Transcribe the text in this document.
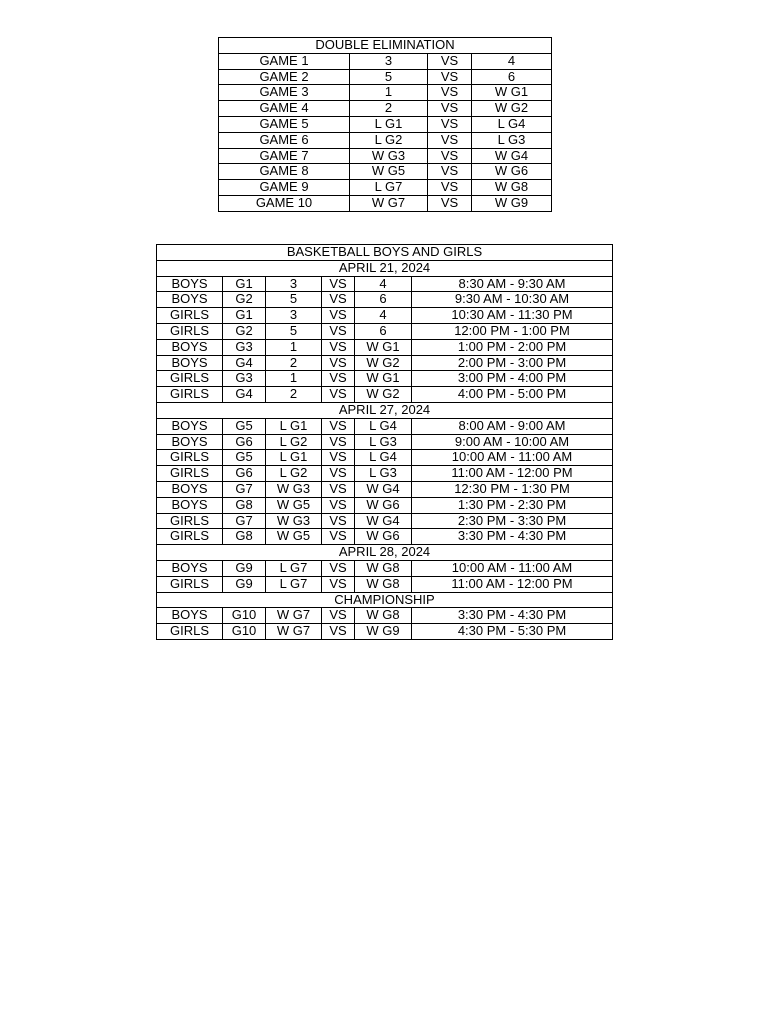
DOUBLE ELIMINATION			
GAME 1	3	VS	4
GAME 2	5	VS	6
GAME 3	1	VS	W G1
GAME 4	2	VS	W G2
GAME 5	L G1	VS	L G4
GAME 6	L G2	VS	L G3
GAME 7	W G3	VS	W G4
GAME 8	W G5	VS	W G6
GAME 9	L G7	VS	W G8
GAME 10	W G7	VS	W G9
BASKETBALL BOYS AND GIRLS					
APRIL 21, 2024					
BOYS	G1	3	VS	4	8:30 AM - 9:30 AM
BOYS	G2	5	VS	6	9:30 AM - 10:30 AM
GIRLS	G1	3	VS	4	10:30 AM - 11:30 PM
GIRLS	G2	5	VS	6	12:00 PM - 1:00 PM
BOYS	G3	1	VS	W G1	1:00 PM - 2:00 PM
BOYS	G4	2	VS	W G2	2:00 PM - 3:00 PM
GIRLS	G3	1	VS	W G1	3:00 PM - 4:00 PM
GIRLS	G4	2	VS	W G2	4:00 PM - 5:00 PM
APRIL 27, 2024					
BOYS	G5	L G1	VS	L G4	8:00 AM - 9:00 AM
BOYS	G6	L G2	VS	L G3	9:00 AM - 10:00 AM
GIRLS	G5	L G1	VS	L G4	10:00 AM - 11:00 AM
GIRLS	G6	L G2	VS	L G3	11:00 AM - 12:00 PM
BOYS	G7	W G3	VS	W G4	12:30 PM - 1:30 PM
BOYS	G8	W G5	VS	W G6	1:30 PM - 2:30 PM
GIRLS	G7	W G3	VS	W G4	2:30 PM - 3:30 PM
GIRLS	G8	W G5	VS	W G6	3:30 PM - 4:30 PM
APRIL 28, 2024					
BOYS	G9	L G7	VS	W G8	10:00 AM - 11:00 AM
GIRLS	G9	L G7	VS	W G8	11:00 AM - 12:00 PM
CHAMPIONSHIP					
BOYS	G10	W G7	VS	W G8	3:30 PM - 4:30 PM
GIRLS	G10	W G7	VS	W G9	4:30 PM - 5:30 PM
